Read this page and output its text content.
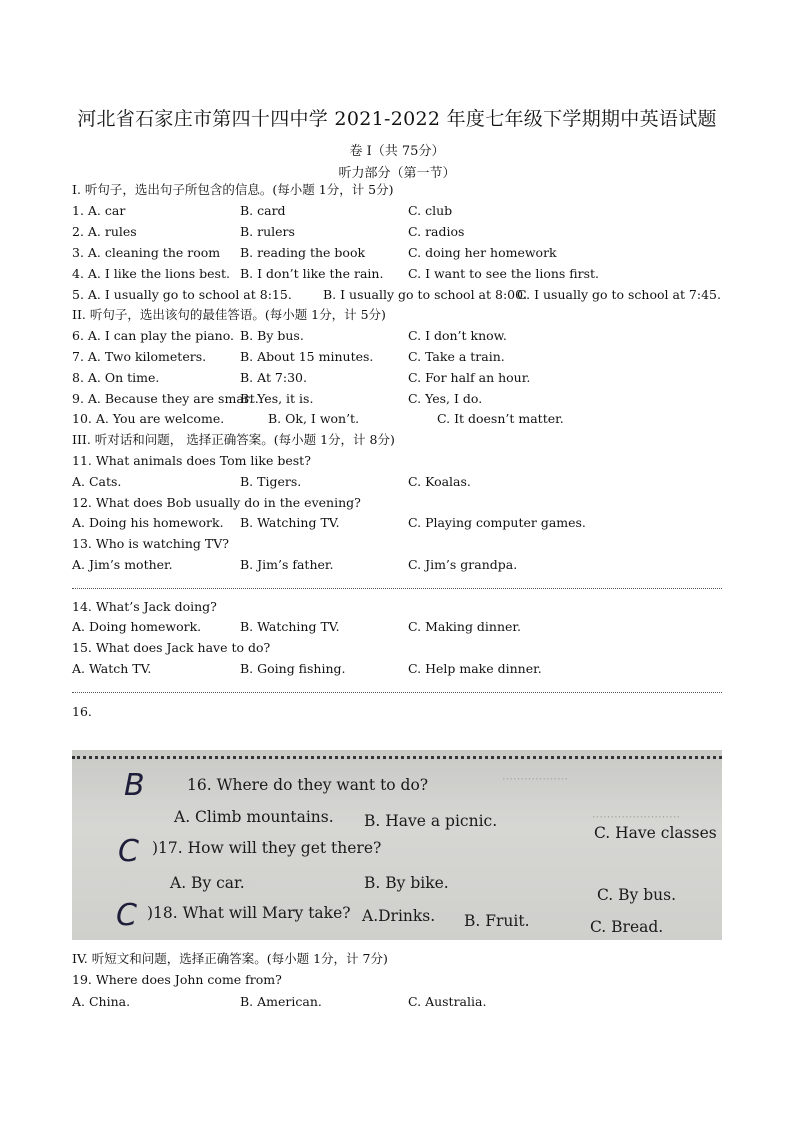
河北省石家庄市第四十四中学 2021-2022 年度七年级下学期期中英语试题
卷 I（共 75分）
听力部分（第一节）
I. 听句子，选出句子所包含的信息。(每小题 1分，计 5分)
1. A. car	B. card	C. club
2. A. rules	B. rulers	C. radios
3. A. cleaning the room B. reading the book	C. doing her homework
4. A. I like the lions best. B. I don’t like the rain. C. I want to see the lions first.
5. A. I usually go to school at 8:15. B. I usually go to school at 8:00.
C. I usually go to school at 7:45.
II. 听句子，选出该句的最佳答语。(每小题 1分，计 5分)
6. A. I can play the piano. B. By bus.	C. I don’t know.
7. A. Two kilometers.	B. About 15 minutes.	C. Take a train.
8. A. On time.	B. At 7:30.	C. For half an hour.
9. A. Because they are smart.
B. Yes, it is.	C. Yes, I do.
10. A. You are welcome.	B. Ok, I won’t.	C. It doesn’t matter.
III. 听对话和问题， 选择正确答案。(每小题 1分，计 8分)
11. What animals does Tom like best?
A. Cats.	B. Tigers.	C. Koalas.
12. What does Bob usually do in the evening?
A. Doing his homework. B. Watching TV.	C. Playing computer games.
13. Who is watching TV?
A. Jim’s mother.	B. Jim’s father.	C. Jim’s grandpa.
14. What’s Jack doing?
A. Doing homework.	B. Watching TV.	C. Making dinner.
15. What does Jack have to do?
A. Watch TV.	B. Going fishing.	C. Help make dinner.
16.
⋯⋯⋯⋯⋯⋯
⋯⋯⋯⋯⋯⋯⋯⋯
B	16. Where do they want to do?
A. Climb mountains. B. Have a picnic.
C. Have classes
C )17. How will they get there?
A. By car.	B. By bike.
C. By bus.
C )18. What will Mary take? A.Drinks. B. Fruit.	C. Bread.
IV. 听短文和问题，选择正确答案。(每小题 1分，计 7分)
19. Where does John come from?
A. China.	B. American.	C. Australia.
